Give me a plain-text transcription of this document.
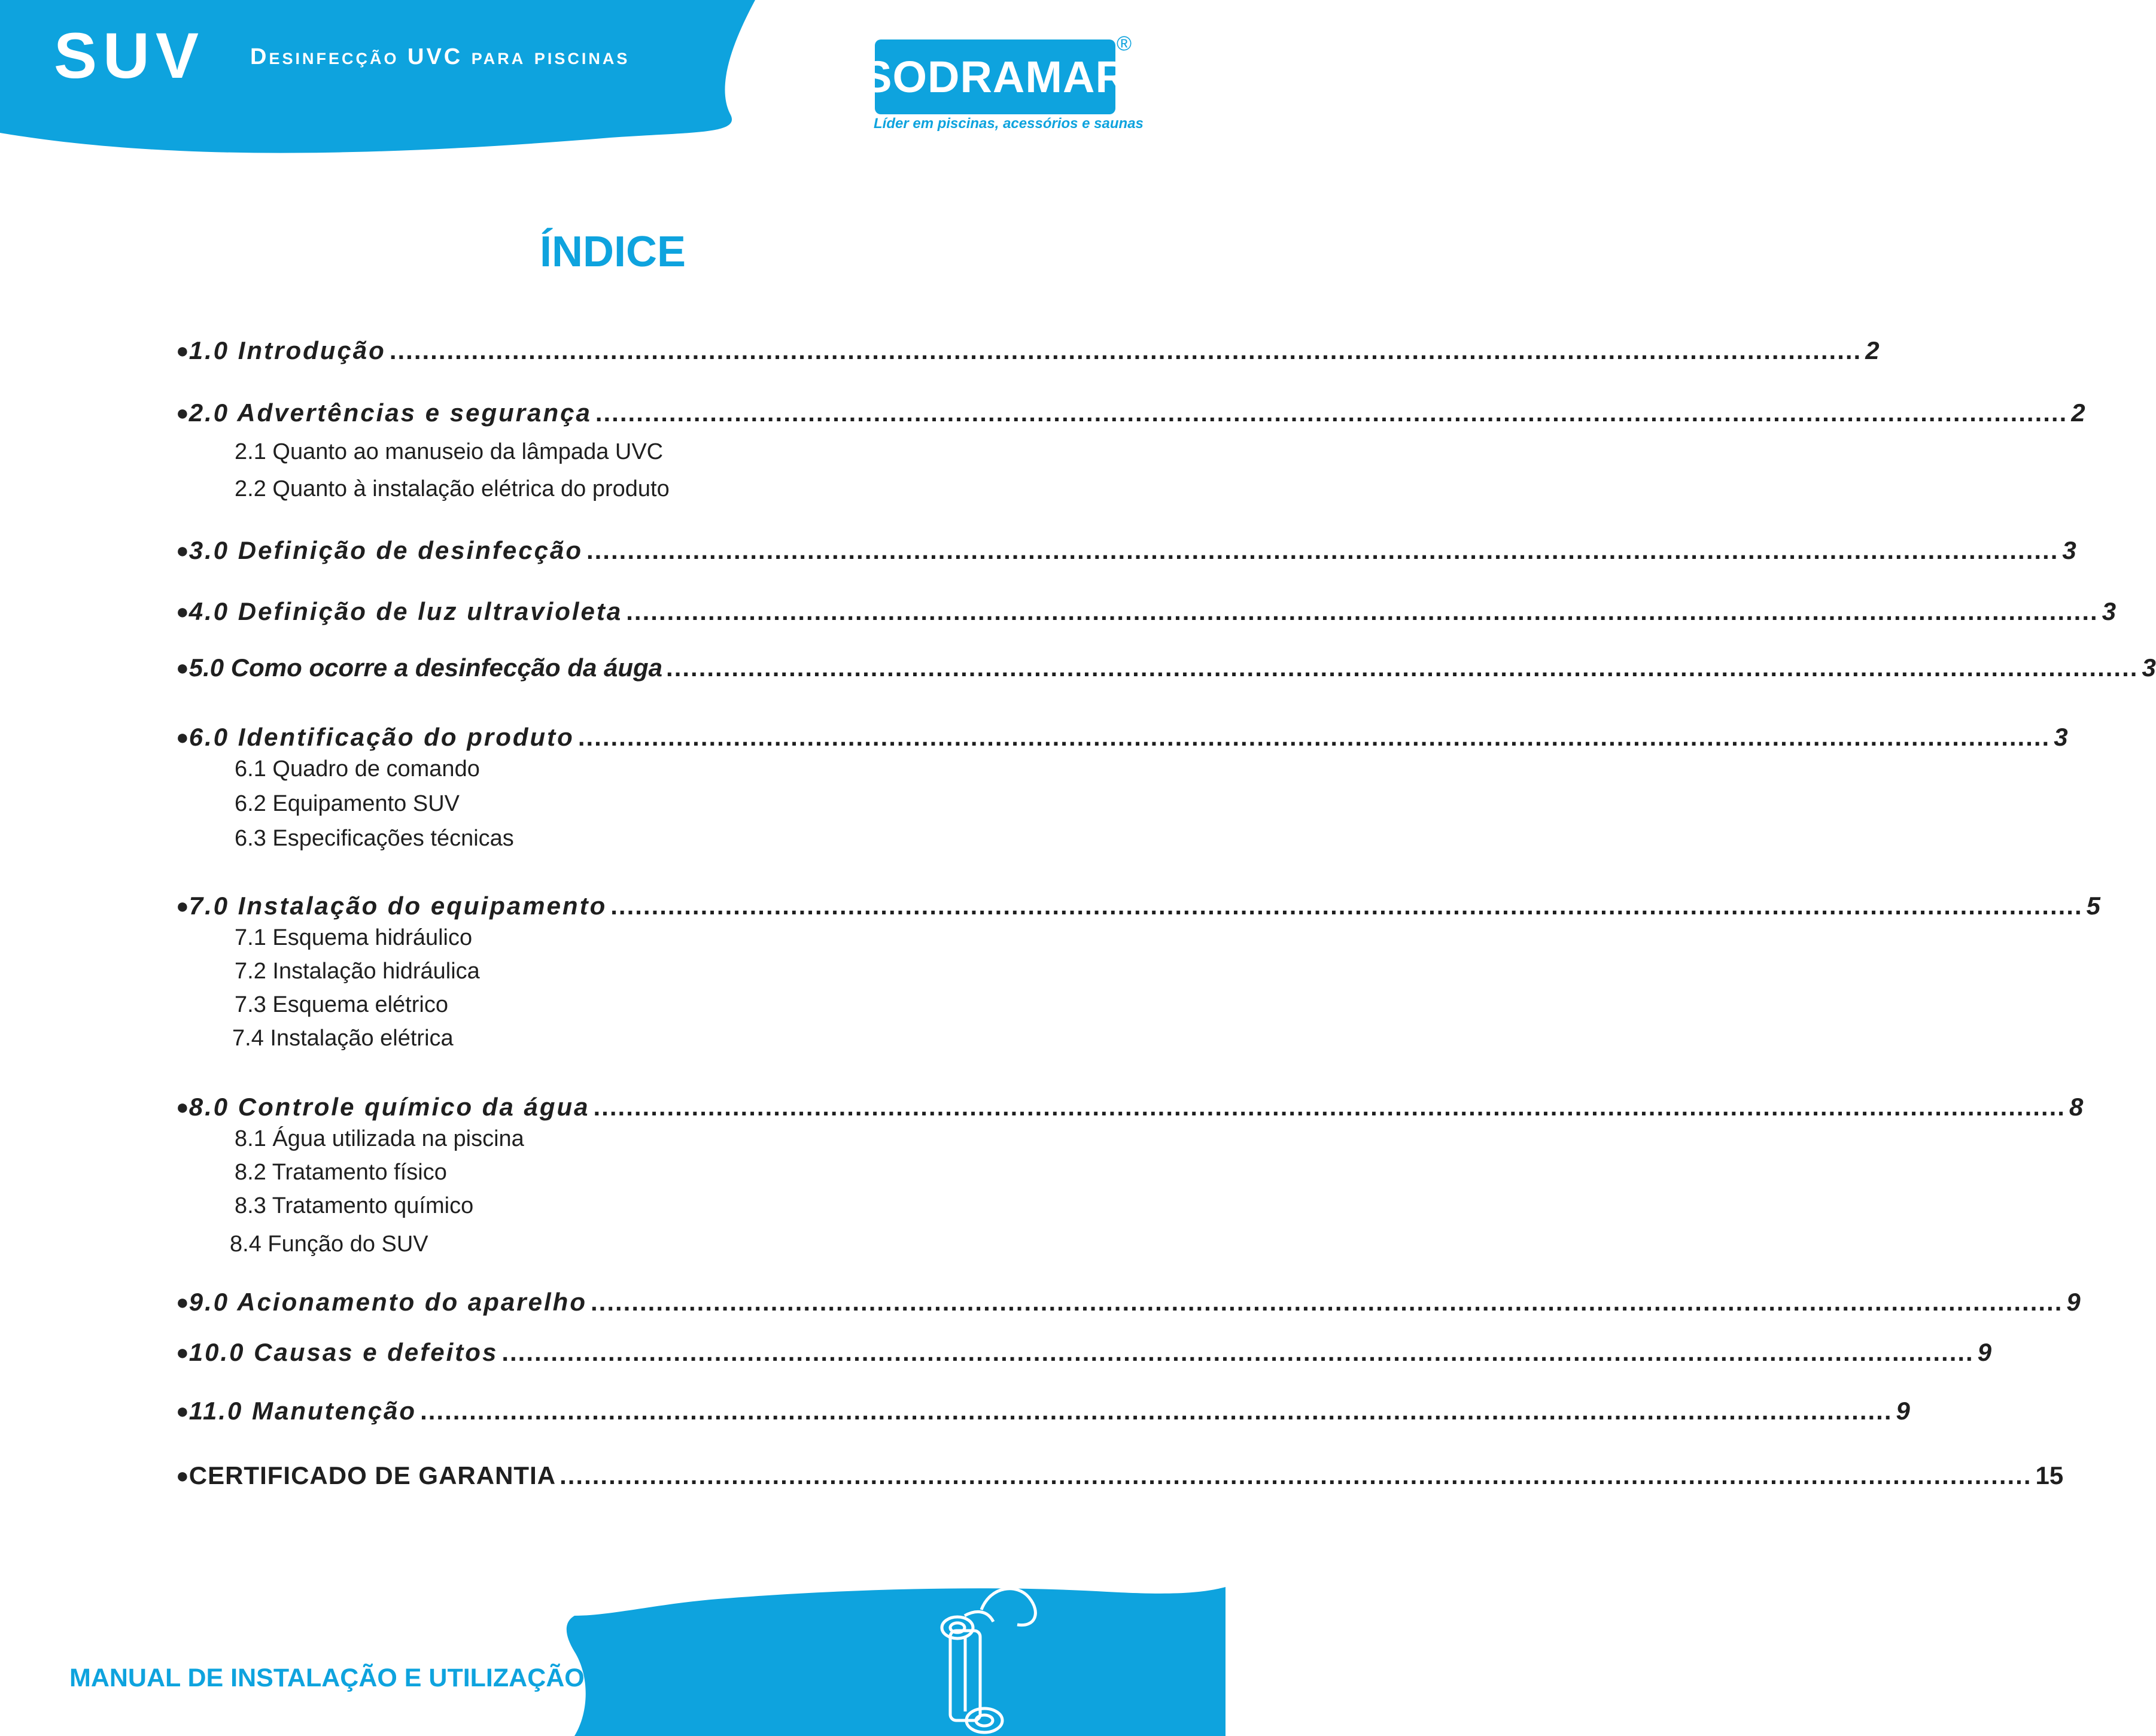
SUV Desinfecção UVC para piscinas	SODRAMAR
®
Líder em piscinas, acessórios e saunas
ÍNDICE
● 1.0 Introdução .................................................................................................................................................................................... 2
● 2.0 Advertências e segurança .................................................................................................................................................................................... 2
2.1 Quanto ao manuseio da lâmpada UVC
2.2 Quanto à instalação elétrica do produto
● 3.0 Definição de desinfecção .................................................................................................................................................................................... 3
● 4.0 Definição de luz ultravioleta .................................................................................................................................................................................... 3
● 5.0 Como ocorre a desinfecção da áuga .................................................................................................................................................................................... 3
● 6.0 Identificação do produto .................................................................................................................................................................................... 3
6.1 Quadro de comando
6.2 Equipamento SUV
6.3 Especificações técnicas
● 7.0 Instalação do equipamento .................................................................................................................................................................................... 5
7.1 Esquema hidráulico
7.2 Instalação hidráulica
7.3 Esquema elétrico
7.4 Instalação elétrica
● 8.0 Controle químico da água .................................................................................................................................................................................... 8
8.1 Água utilizada na piscina
8.2 Tratamento físico
8.3 Tratamento químico
8.4 Função do SUV
● 9.0 Acionamento do aparelho .................................................................................................................................................................................... 9
● 10.0 Causas e defeitos .................................................................................................................................................................................... 9
● 11.0 Manutenção .................................................................................................................................................................................... 9
● CERTIFICADO DE GARANTIA .................................................................................................................................................................................... 15
MANUAL DE INSTALAÇÃO E UTILIZAÇÃO
